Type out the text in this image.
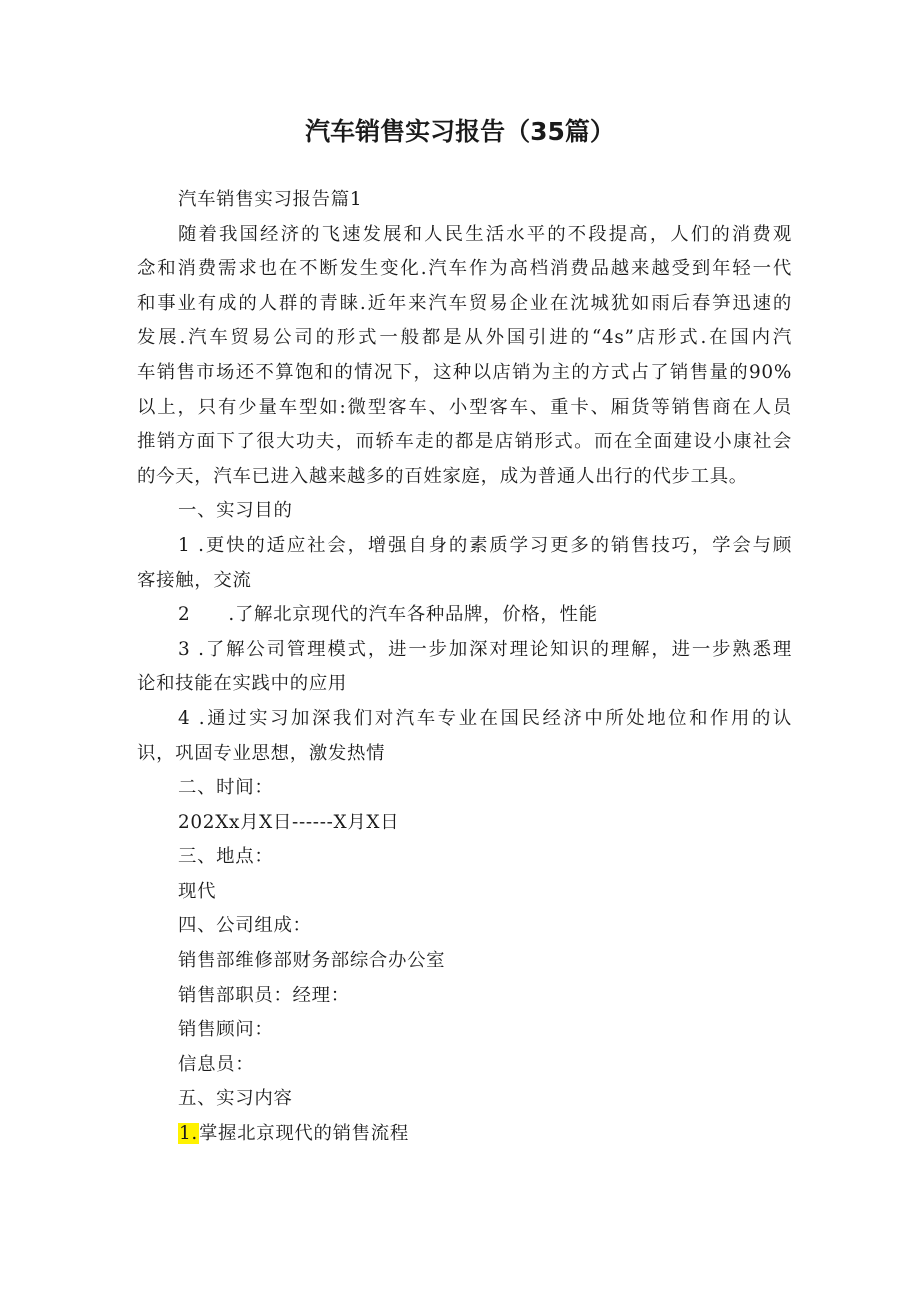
汽车销售实习报告（35篇）
汽车销售实习报告篇1
随着我国经济的飞速发展和人民生活水平的不段提高，人们的消费观
念和消费需求也在不断发生变化.汽车作为高档消费品越来越受到年轻一代
和事业有成的人群的青睐.近年来汽车贸易企业在沈城犹如雨后春笋迅速的
发展.汽车贸易公司的形式一般都是从外国引进的“4s”店形式.在国内汽
车销售市场还不算饱和的情况下，这种以店销为主的方式占了销售量的90%
以上，只有少量车型如:微型客车、小型客车、重卡、厢货等销售商在人员
推销方面下了很大功夫，而轿车走的都是店销形式。而在全面建设小康社会
的今天，汽车已进入越来越多的百姓家庭，成为普通人出行的代步工具。
一、实习目的
1 .更快的适应社会，增强自身的素质学习更多的销售技巧，学会与顾
客接触，交流
2 .了解北京现代的汽车各种品牌，价格，性能
3 .了解公司管理模式，进一步加深对理论知识的理解，进一步熟悉理
论和技能在实践中的应用
4 .通过实习加深我们对汽车专业在国民经济中所处地位和作用的认
识，巩固专业思想，激发热情
二、时间：
202Xx月X日------X月X日
三、地点：
现代
四、公司组成：
销售部维修部财务部综合办公室
销售部职员：经理：
销售顾问：
信息员：
五、实习内容
1.掌握北京现代的销售流程
